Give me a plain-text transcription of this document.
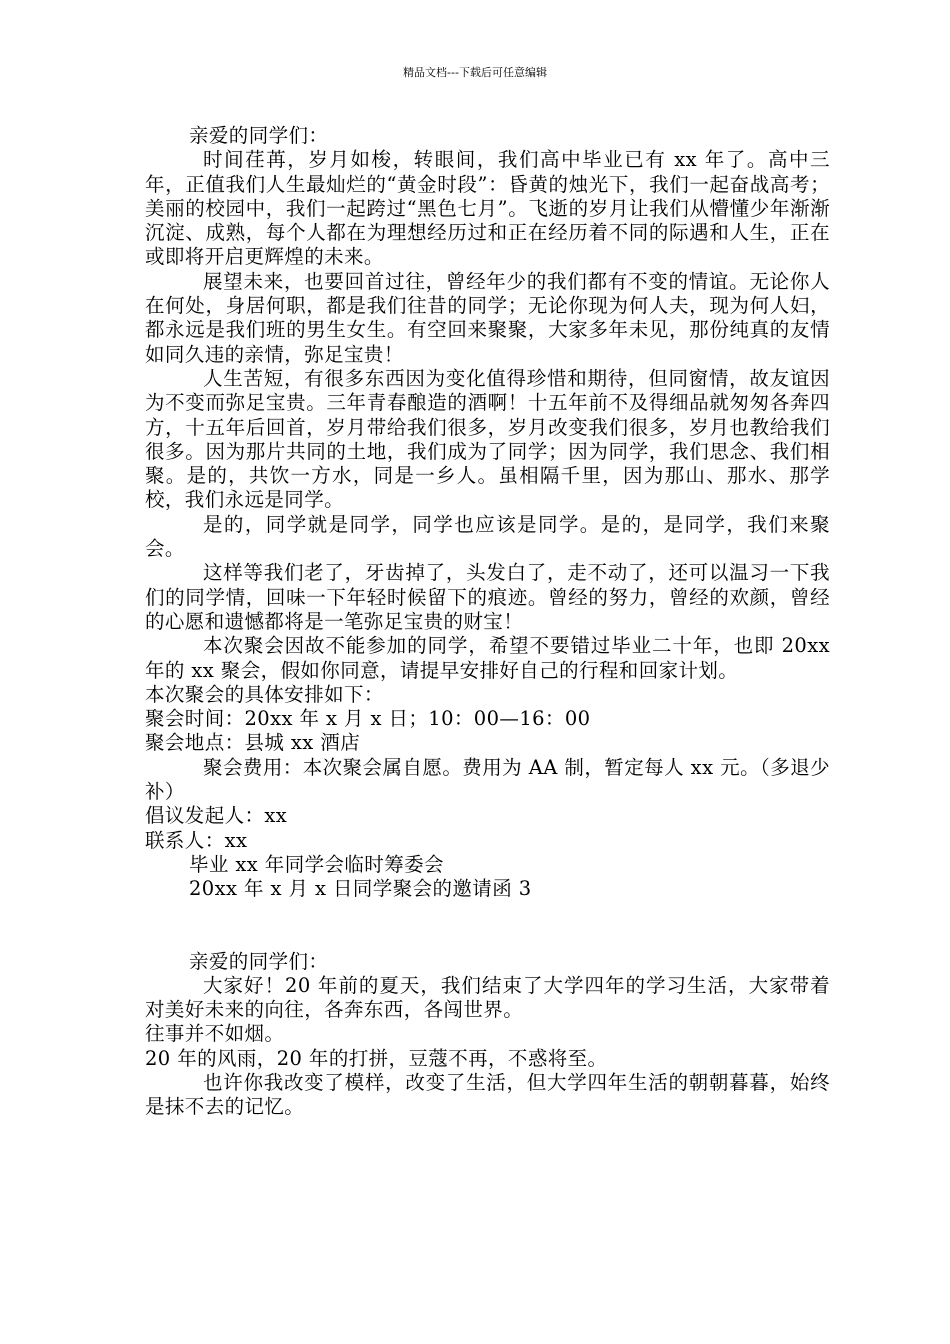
精品文档---下载后可任意编辑

亲爱的同学们：

时间荏苒，岁月如梭，转眼间，我们高中毕业已有 xx 年了。高中三年，正值我们人生最灿烂的“黄金时段”：昏黄的烛光下，我们一起奋战高考；美丽的校园中，我们一起跨过“黑色七月”。飞逝的岁月让我们从懵懂少年渐渐沉淀、成熟，每个人都在为理想经历过和正在经历着不同的际遇和人生，正在或即将开启更辉煌的未来。

展望未来，也要回首过往，曾经年少的我们都有不变的情谊。无论你人在何处，身居何职，都是我们往昔的同学；无论你现为何人夫，现为何人妇，都永远是我们班的男生女生。有空回来聚聚，大家多年未见，那份纯真的友情如同久违的亲情，弥足宝贵！

人生苦短，有很多东西因为变化值得珍惜和期待，但同窗情，故友谊因为不变而弥足宝贵。三年青春酿造的酒啊！十五年前不及得细品就匆匆各奔四方，十五年后回首，岁月带给我们很多，岁月改变我们很多，岁月也教给我们很多。因为那片共同的土地，我们成为了同学；因为同学，我们思念、我们相聚。是的，共饮一方水，同是一乡人。虽相隔千里，因为那山、那水、那学校，我们永远是同学。

是的，同学就是同学，同学也应该是同学。是的，是同学，我们来聚会。

这样等我们老了，牙齿掉了，头发白了，走不动了，还可以温习一下我们的同学情，回味一下年轻时候留下的痕迹。曾经的努力，曾经的欢颜，曾经的心愿和遗憾都将是一笔弥足宝贵的财宝！

本次聚会因故不能参加的同学，希望不要错过毕业二十年，也即 20xx 年的 xx 聚会，假如你同意，请提早安排好自己的行程和回家计划。

本次聚会的具体安排如下：

聚会时间：20xx 年 x 月 x 日；10：00—16：00

聚会地点：县城 xx 酒店

聚会费用：本次聚会属自愿。费用为 AA 制，暂定每人 xx 元。（多退少补）

倡议发起人：xx

联系人：xx

毕业 xx 年同学会临时筹委会

20xx 年 x 月 x 日同学聚会的邀请函 3

亲爱的同学们：

大家好！20 年前的夏天，我们结束了大学四年的学习生活，大家带着对美好未来的向往，各奔东西，各闯世界。

往事并不如烟。

20 年的风雨，20 年的打拼，豆蔻不再，不惑将至。

也许你我改变了模样，改变了生活，但大学四年生活的朝朝暮暮，始终是抹不去的记忆。
